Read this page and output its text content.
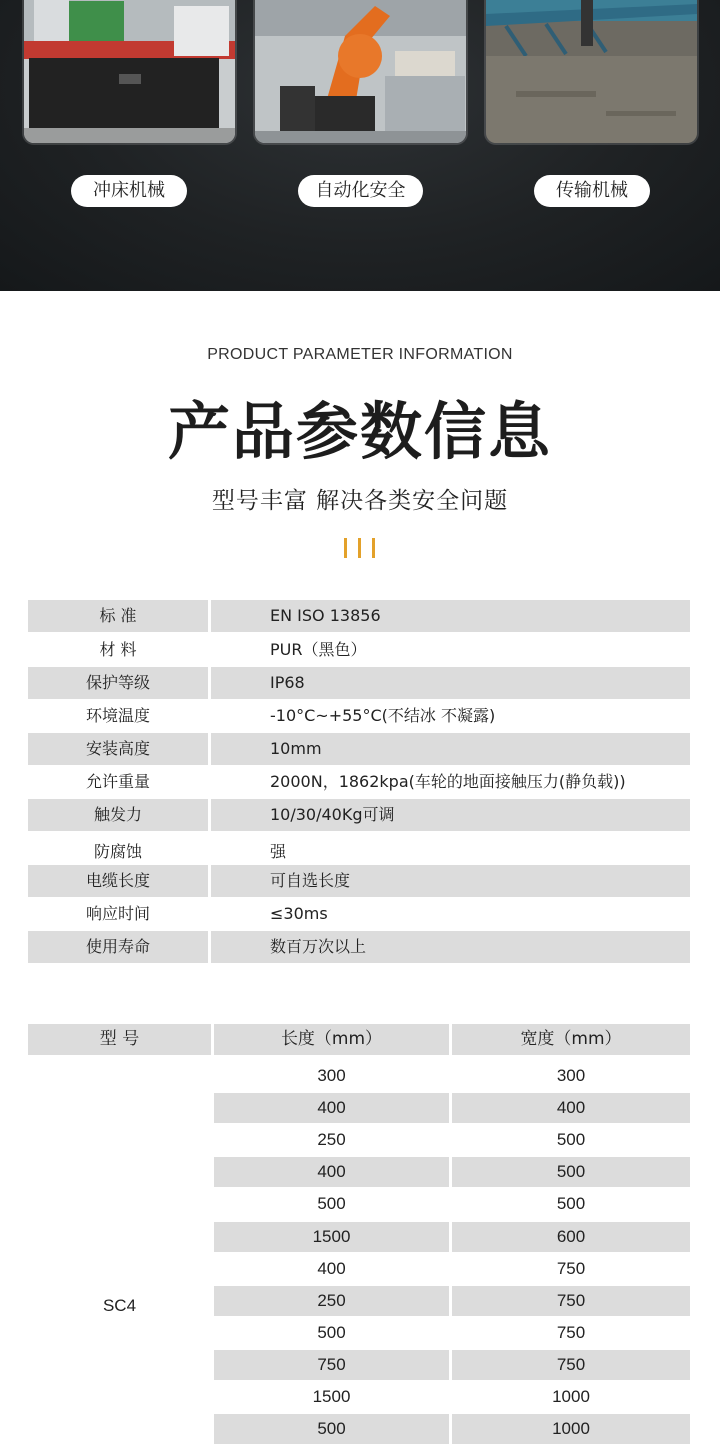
冲床机械	自动化安全	传输机械
PRODUCT PARAMETER INFORMATION
产品参数信息
型号丰富 解决各类安全问题
标 准	EN ISO 13856
材 料	PUR（黑色）
保护等级	IP68
环境温度	-10°C~+55°C(不结冰 不凝露)
安装高度	10mm
允许重量	2000N，1862kpa(车轮的地面接触压力(静负载))
触发力	10/30/40Kg可调
防腐蚀	强
电缆长度	可自选长度
响应时间	≤30ms
使用寿命	数百万次以上
型 号	长度（mm）	宽度（mm）
SC4
300	300
400	400
250	500
400	500
500	500
1500	600
400	750
250	750
500	750
750	750
1500	1000
500	1000
